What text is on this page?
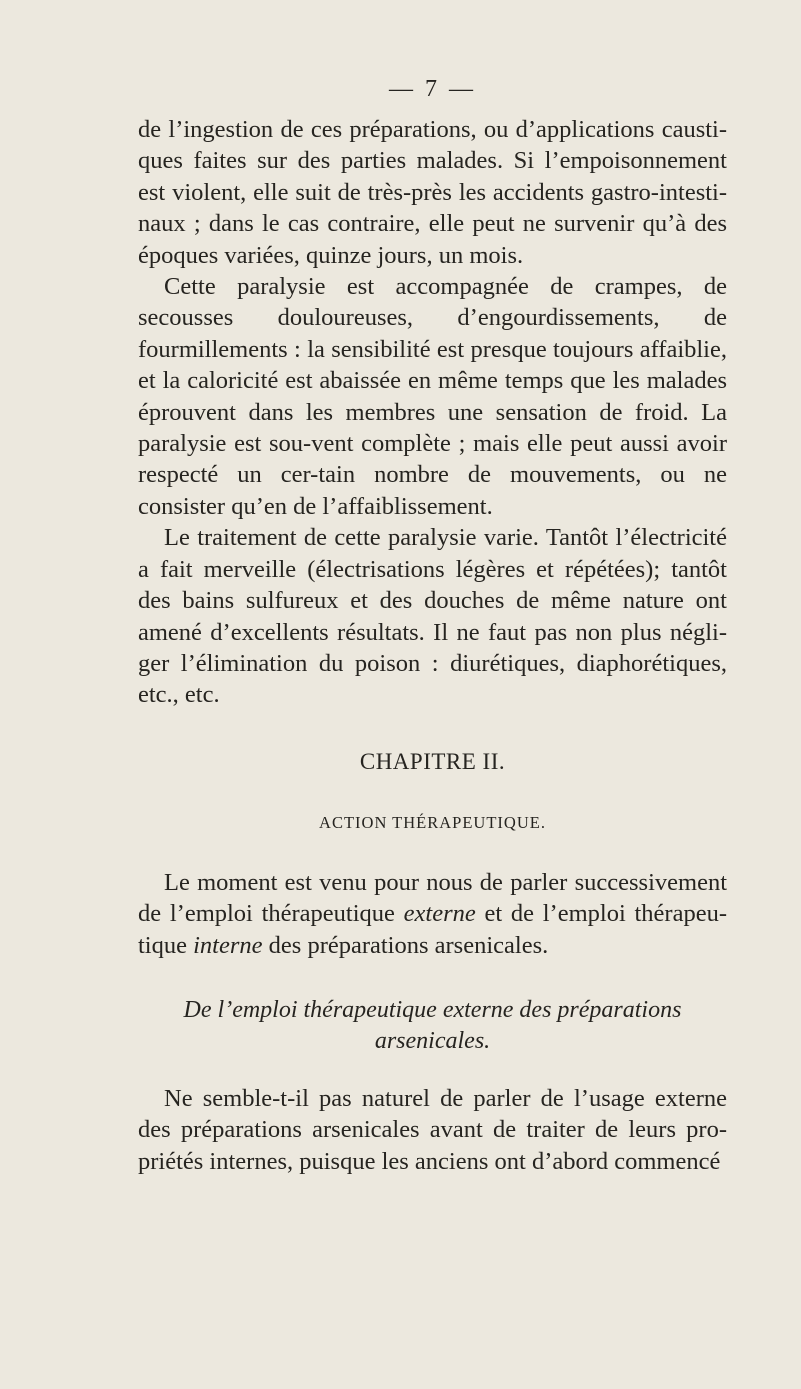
— 7 —

de l’ingestion de ces préparations, ou d’applications causti-ques faites sur des parties malades. Si l’empoisonnement est violent, elle suit de très-près les accidents gastro-intesti-naux ; dans le cas contraire, elle peut ne survenir qu’à des époques variées, quinze jours, un mois.

Cette paralysie est accompagnée de crampes, de secousses douloureuses, d’engourdissements, de fourmillements : la sensibilité est presque toujours affaiblie, et la caloricité est abaissée en même temps que les malades éprouvent dans les membres une sensation de froid. La paralysie est sou-vent complète ; mais elle peut aussi avoir respecté un cer-tain nombre de mouvements, ou ne consister qu’en de l’affaiblissement.

Le traitement de cette paralysie varie. Tantôt l’électricité a fait merveille (électrisations légères et répétées); tantôt des bains sulfureux et des douches de même nature ont amené d’excellents résultats. Il ne faut pas non plus négli-ger l’élimination du poison : diurétiques, diaphorétiques, etc., etc.

CHAPITRE II.
ACTION THÉRAPEUTIQUE.

Le moment est venu pour nous de parler successivement de l’emploi thérapeutique externe et de l’emploi thérapeu-tique interne des préparations arsenicales.

De l’emploi thérapeutique externe des préparations arsenicales.

Ne semble-t-il pas naturel de parler de l’usage externe des préparations arsenicales avant de traiter de leurs pro-priétés internes, puisque les anciens ont d’abord commencé
